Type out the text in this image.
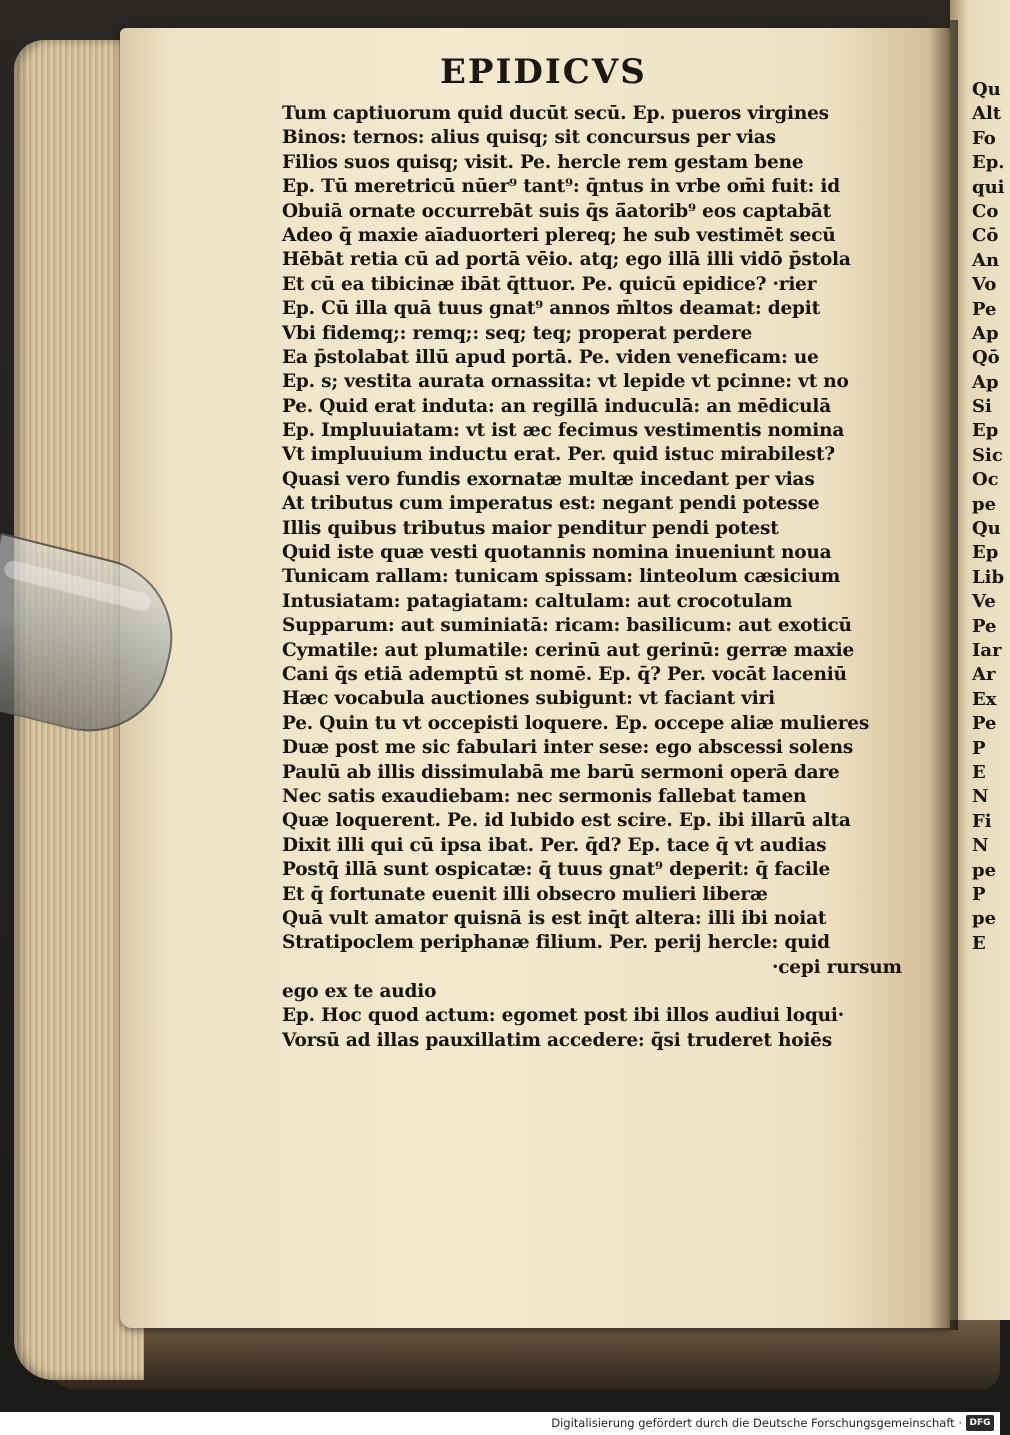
EPIDICVS
Tum captiuorum quid ducūt secū. Ep. pueros virgines
Binos: ternos: alius quisq; sit concursus per vias
Filios suos quisq; visit. Pe. hercle rem gestam bene
Ep. Tū meretricū nūer⁹ tant⁹: q̄ntus in vrbe om̄i fuit: id
Obuiā ornate occurrebāt suis q̄s ā̄atorib⁹ eos captabāt
Adeo q̄ maxie aīaduorteri plereq; he sub vestimēt secū
Hēbāt retia cū ad portā vēio. atq; ego illā illi vidō p̄stola
Et cū ea tibicinæ ibāt q̄ttuor. Pe. quicū epidice? ·rier
Ep. Cū illa quā tuus gnat⁹ annos m̄ltos deamat: depit
Vbi fidemq;: remq;: seq; teq; properat perdere
Ea p̄stolabat illū apud portā. Pe. viden veneficam: ue
Ep. s; vestita aurata ornassita: vt lepide vt pcinne: vt no
Pe. Quid erat induta: an regillā induculā: an mēdiculā
Ep. Impluuiatam: vt ist æc fecimus vestimentis nomina
Vt impluuium inductu erat. Per. quid istuc mirabilest?
Quasi vero fundis exornatæ multæ incedant per vias
At tributus cum imperatus est: negant pendi potesse
Illis quibus tributus maior penditur pendi potest
Quid iste quæ vesti quotannis nomina inueniunt noua
Tunicam rallam: tunicam spissam: linteolum cæsicium
Intusiatam: patagiatam: caltulam: aut crocotulam
Supparum: aut suminiatā: ricam: basilicum: aut exoticū
Cymatile: aut plumatile: cerinū aut gerinū: gerræ maxie
Cani q̄s etiā ademptū st nomē. Ep. q̄? Per. vocāt laceniū
Hæc vocabula auctiones subigunt: vt faciant viri
Pe. Quin tu vt occepisti loquere. Ep. occepe aliæ mulieres
Duæ post me sic fabulari inter sese: ego abscessi solens
Paulū ab illis dissimulabā me barū sermoni operā dare
Nec satis exaudiebam: nec sermonis fallebat tamen
Quæ loquerent. Pe. id lubido est scire. Ep. ibi illarū alta
Dixit illi qui cū ipsa ibat. Per. q̄d? Ep. tace q̄ vt audias
Postq̄ illā sunt ospicatæ: q̄ tuus gnat⁹ deperit: q̄ facile
Et q̄ fortunate euenit illi obsecro mulieri liberæ
Quā vult amator quisnā is est inq̄t altera: illi ibi noiat
Stratipoclem periphanæ filium. Per. perij hercle: quid
·cepi rursum
ego ex te audio
Ep. Hoc quod actum: egomet post ibi illos audiui loqui·
Vorsū ad illas pauxillatim accedere: q̄si truderet hoiēs
Qu
Alt
Fo
Ep.
qui
Co
Cō
An
Vo
Pe
Ap
Qō
Ap
Si
Ep
Sic
Oc
pe
Qu
Ep
Lib
Ve
Pe
Iar
Ar
Ex
Pe
P
E
N
Fi
N
pe
P
pe
E
Digitalisierung gefördert durch die Deutsche Forschungsgemeinschaft · DFG
